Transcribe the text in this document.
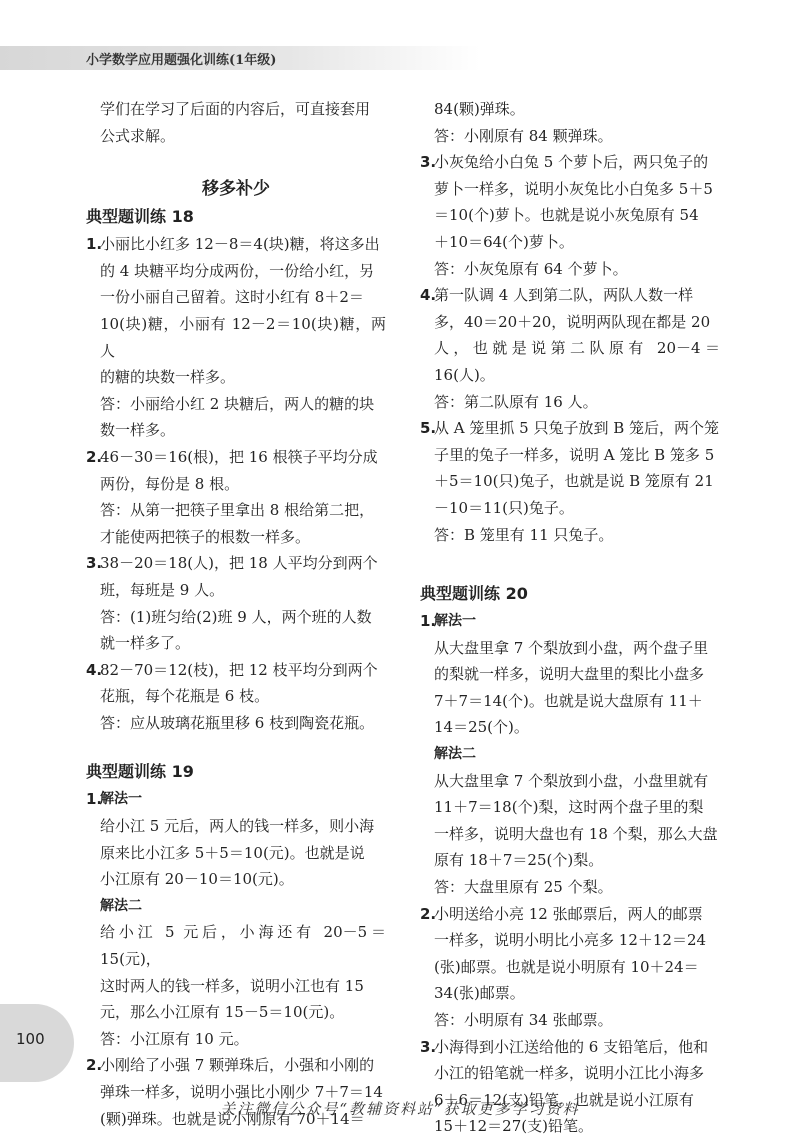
小学数学应用题强化训练(1年级)

学们在学习了后面的内容后，可直接套用

公式求解。

移多补少
典型题训练 18
1.

小丽比小红多 12－8＝4(块)糖，将这多出

的 4 块糖平均分成两份，一份给小红，另

一份小丽自己留着。这时小红有 8＋2＝

10(块)糖，小丽有 12－2＝10(块)糖，两人

的糖的块数一样多。

答：小丽给小红 2 块糖后，两人的糖的块

数一样多。

2.

46－30＝16(根)，把 16 根筷子平均分成

两份，每份是 8 根。

答：从第一把筷子里拿出 8 根给第二把，

才能使两把筷子的根数一样多。

3.

38－20＝18(人)，把 18 人平均分到两个

班，每班是 9 人。

答：(1)班匀给(2)班 9 人，两个班的人数

就一样多了。

4.

82－70＝12(枝)，把 12 枝平均分到两个

花瓶，每个花瓶是 6 枝。

答：应从玻璃花瓶里移 6 枝到陶瓷花瓶。

典型题训练 19
1.
解法一

给小江 5 元后，两人的钱一样多，则小海

原来比小江多 5＋5＝10(元)。也就是说

小江原有 20－10＝10(元)。

解法二

给小江 5 元后，小海还有 20－5＝15(元)，

这时两人的钱一样多，说明小江也有 15

元，那么小江原有 15－5＝10(元)。

答：小江原有 10 元。

2.

小刚给了小强 7 颗弹珠后，小强和小刚的

弹珠一样多，说明小强比小刚少 7＋7＝14

(颗)弹珠。也就是说小刚原有 70＋14＝

84(颗)弹珠。

答：小刚原有 84 颗弹珠。

3.

小灰兔给小白兔 5 个萝卜后，两只兔子的

萝卜一样多，说明小灰兔比小白兔多 5＋5

＝10(个)萝卜。也就是说小灰兔原有 54

＋10＝64(个)萝卜。

答：小灰兔原有 64 个萝卜。

4.

第一队调 4 人到第二队，两队人数一样

多，40＝20＋20，说明两队现在都是 20

人，也就是说第二队原有 20－4＝16(人)。

答：第二队原有 16 人。

5.

从 A 笼里抓 5 只兔子放到 B 笼后，两个笼

子里的兔子一样多，说明 A 笼比 B 笼多 5

＋5＝10(只)兔子，也就是说 B 笼原有 21

－10＝11(只)兔子。

答：B 笼里有 11 只兔子。

典型题训练 20
1.
解法一

从大盘里拿 7 个梨放到小盘，两个盘子里

的梨就一样多，说明大盘里的梨比小盘多

7＋7＝14(个)。也就是说大盘原有 11＋

14＝25(个)。

解法二

从大盘里拿 7 个梨放到小盘，小盘里就有

11＋7＝18(个)梨，这时两个盘子里的梨

一样多，说明大盘也有 18 个梨，那么大盘

原有 18＋7＝25(个)梨。

答：大盘里原有 25 个梨。

2.

小明送给小亮 12 张邮票后，两人的邮票

一样多，说明小明比小亮多 12＋12＝24

(张)邮票。也就是说小明原有 10＋24＝

34(张)邮票。

答：小明原有 34 张邮票。

3.

小海得到小江送给他的 6 支铅笔后，他和

小江的铅笔就一样多，说明小江比小海多

6＋6＝12(支)铅笔。也就是说小江原有

15＋12＝27(支)铅笔。

100
关注微信公众号“教辅资料站”获取更多学习资料
